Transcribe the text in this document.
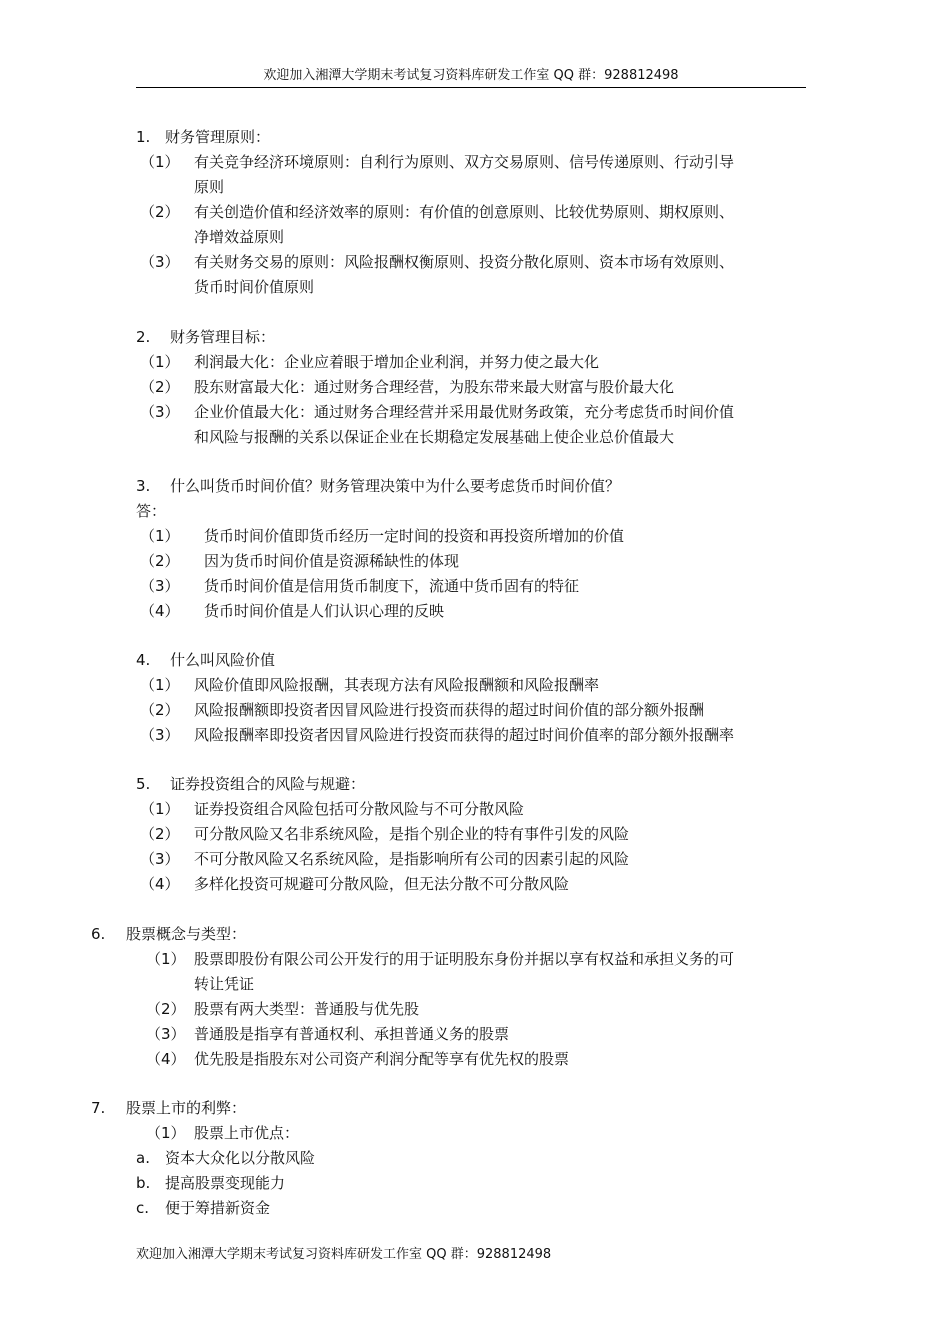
欢迎加入湘潭大学期末考试复习资料库研发工作室 QQ 群：928812498
1. 财务管理原则：
（1） 有关竞争经济环境原则：自利行为原则、双方交易原则、信号传递原则、行动引导
原则
（2） 有关创造价值和经济效率的原则：有价值的创意原则、比较优势原则、期权原则、
净增效益原则
（3） 有关财务交易的原则：风险报酬权衡原则、投资分散化原则、资本市场有效原则、
货币时间价值原则
2. 财务管理目标：
（1） 利润最大化：企业应着眼于增加企业利润，并努力使之最大化
（2） 股东财富最大化：通过财务合理经营，为股东带来最大财富与股价最大化
（3） 企业价值最大化：通过财务合理经营并采用最优财务政策，充分考虑货币时间价值
和风险与报酬的关系以保证企业在长期稳定发展基础上使企业总价值最大
3. 什么叫货币时间价值？财务管理决策中为什么要考虑货币时间价值？
答：
（1） 货币时间价值即货币经历一定时间的投资和再投资所增加的价值
（2） 因为货币时间价值是资源稀缺性的体现
（3） 货币时间价值是信用货币制度下，流通中货币固有的特征
（4） 货币时间价值是人们认识心理的反映
4. 什么叫风险价值
（1） 风险价值即风险报酬，其表现方法有风险报酬额和风险报酬率
（2） 风险报酬额即投资者因冒风险进行投资而获得的超过时间价值的部分额外报酬
（3） 风险报酬率即投资者因冒风险进行投资而获得的超过时间价值率的部分额外报酬率
5. 证券投资组合的风险与规避：
（1） 证券投资组合风险包括可分散风险与不可分散风险
（2） 可分散风险又名非系统风险，是指个别企业的特有事件引发的风险
（3） 不可分散风险又名系统风险，是指影响所有公司的因素引起的风险
（4） 多样化投资可规避可分散风险，但无法分散不可分散风险
6. 股票概念与类型：
（1） 股票即股份有限公司公开发行的用于证明股东身份并据以享有权益和承担义务的可
转让凭证
（2） 股票有两大类型：普通股与优先股
（3） 普通股是指享有普通权利、承担普通义务的股票
（4） 优先股是指股东对公司资产利润分配等享有优先权的股票
7. 股票上市的利弊：
（1） 股票上市优点：
a. 资本大众化以分散风险
b. 提高股票变现能力
c. 便于筹措新资金
欢迎加入湘潭大学期末考试复习资料库研发工作室 QQ 群：928812498
